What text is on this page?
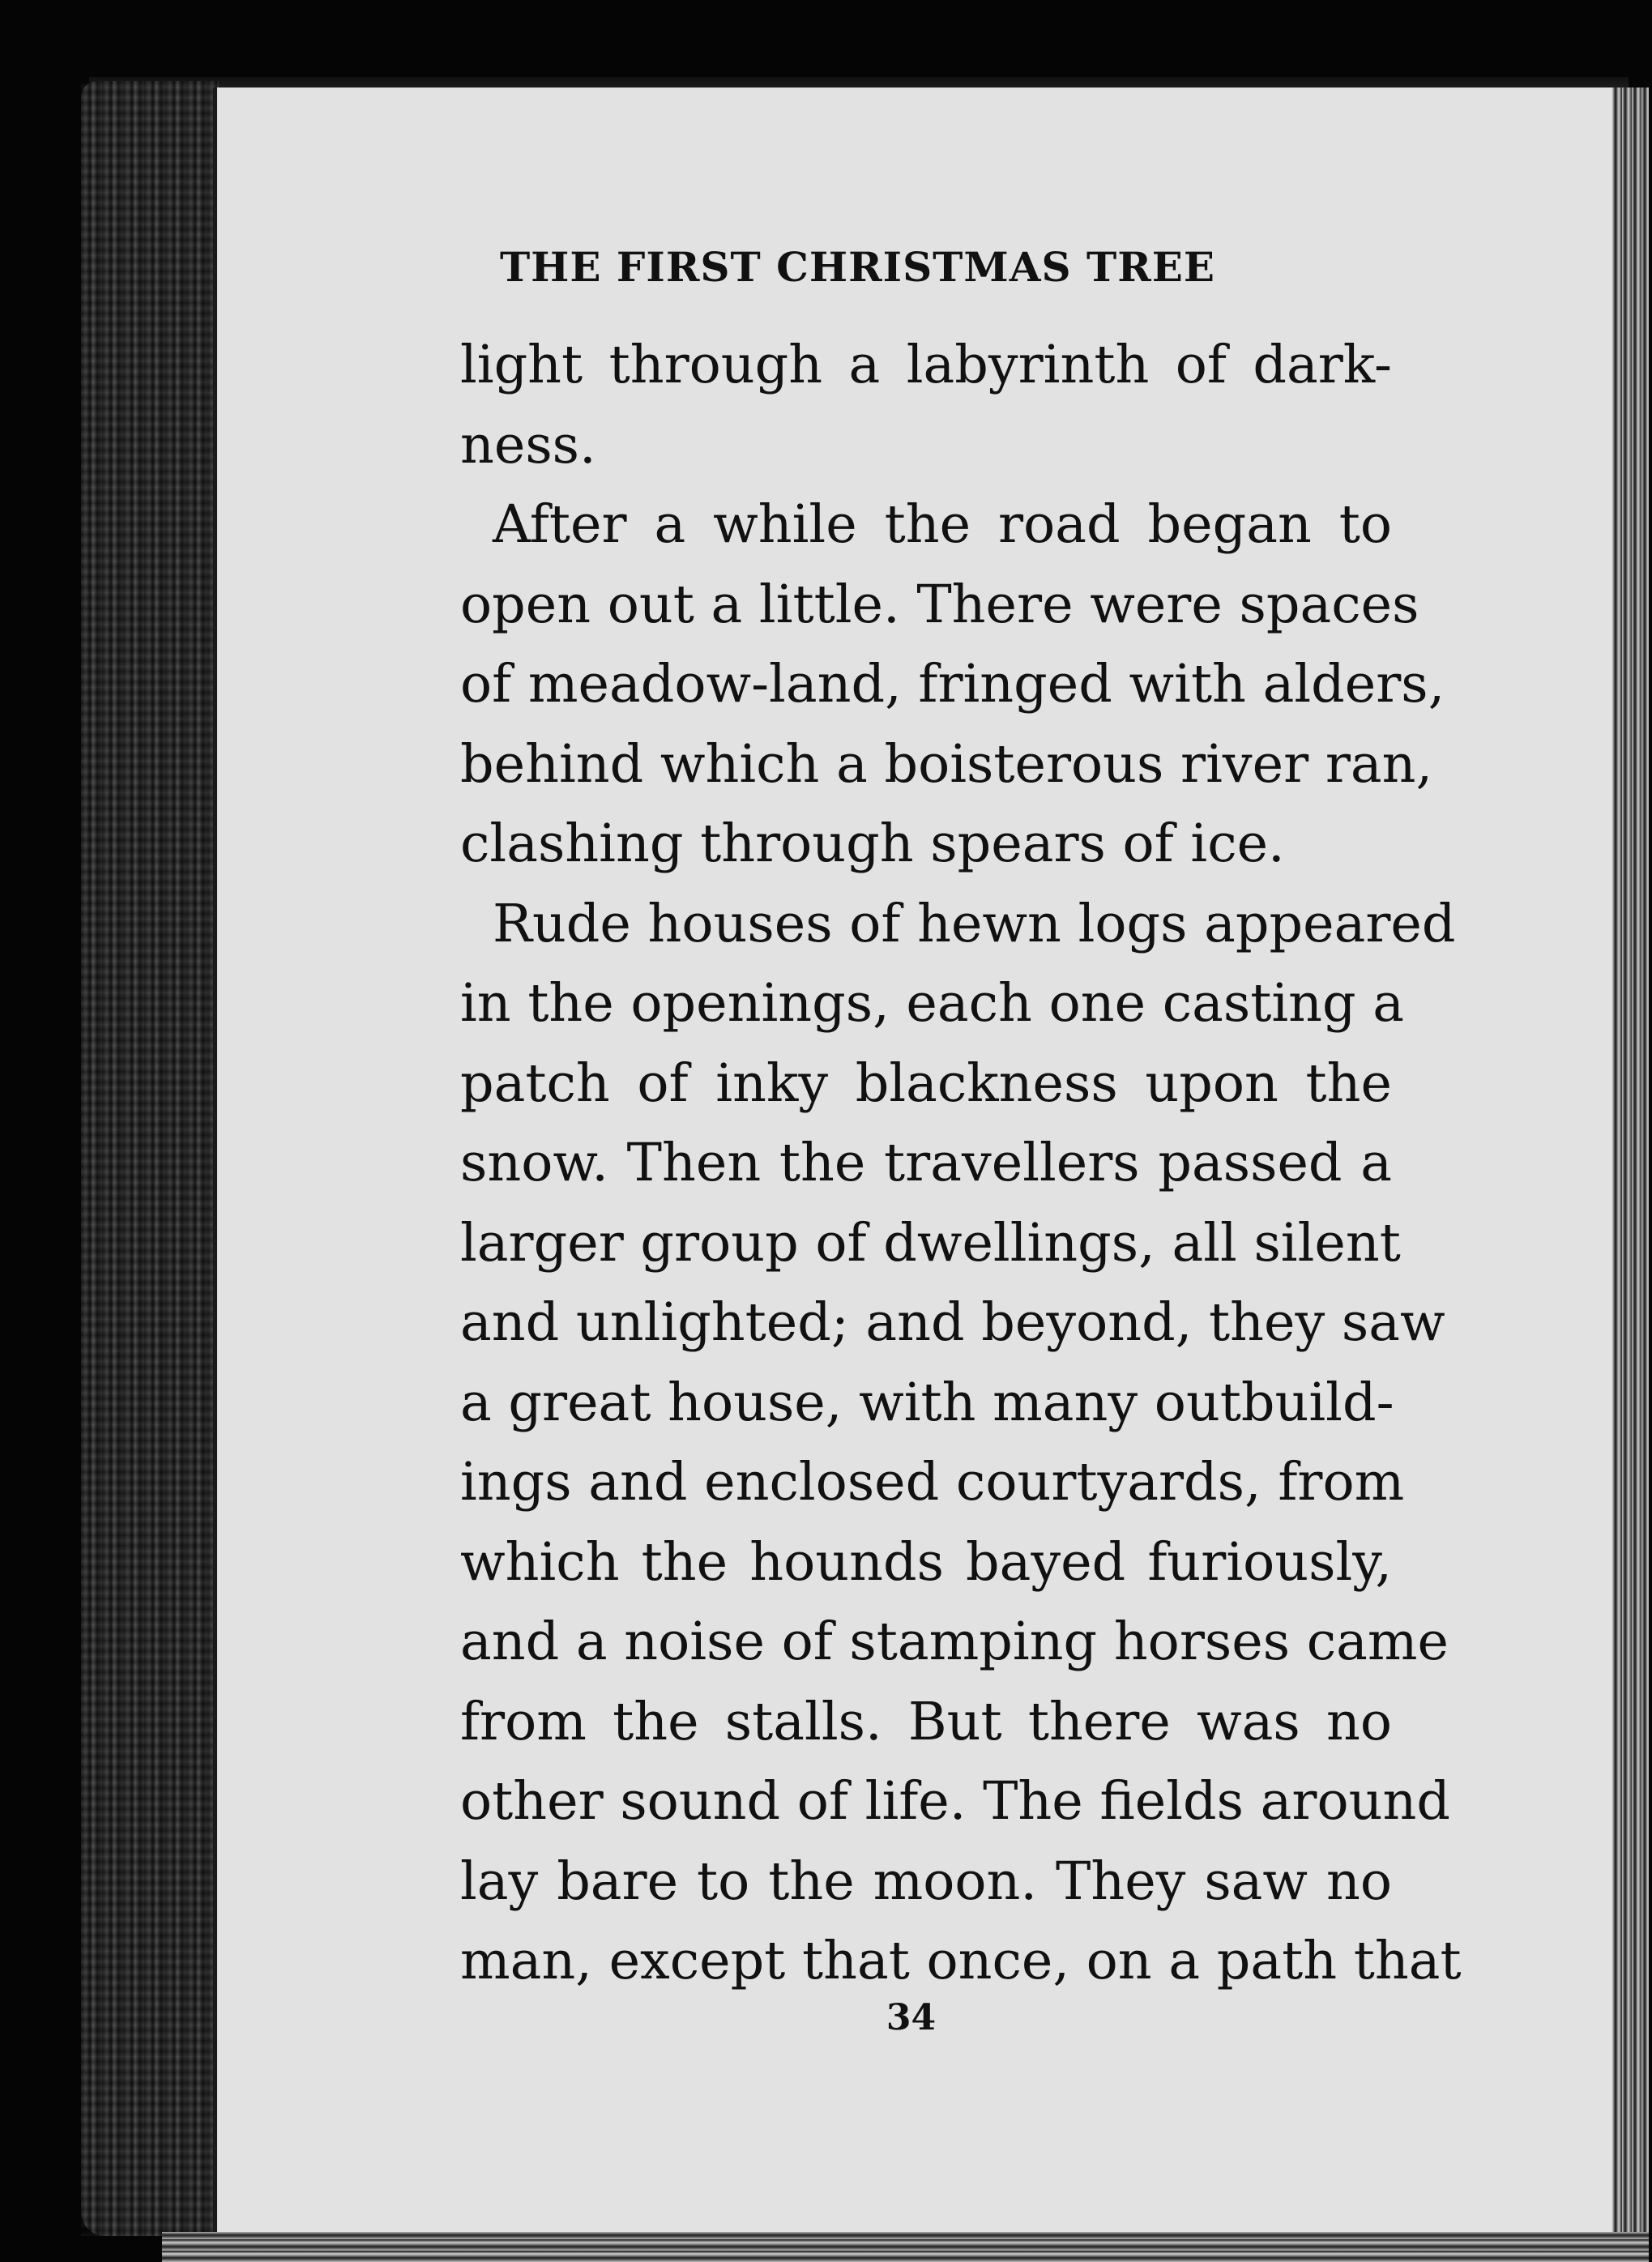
THE FIRST CHRISTMAS TREE
light through a labyrinth of dark-
ness.
After a while the road began to
open out a little. There were spaces
of meadow-land, fringed with alders,
behind which a boisterous river ran,
clashing through spears of ice.
Rude houses of hewn logs appeared
in the openings, each one casting a
patch of inky blackness upon the
snow. Then the travellers passed a
larger group of dwellings, all silent
and unlighted; and beyond, they saw
a great house, with many outbuild-
ings and enclosed courtyards, from
which the hounds bayed furiously,
and a noise of stamping horses came
from the stalls. But there was no
other sound of life. The fields around
lay bare to the moon. They saw no
man, except that once, on a path that
34
